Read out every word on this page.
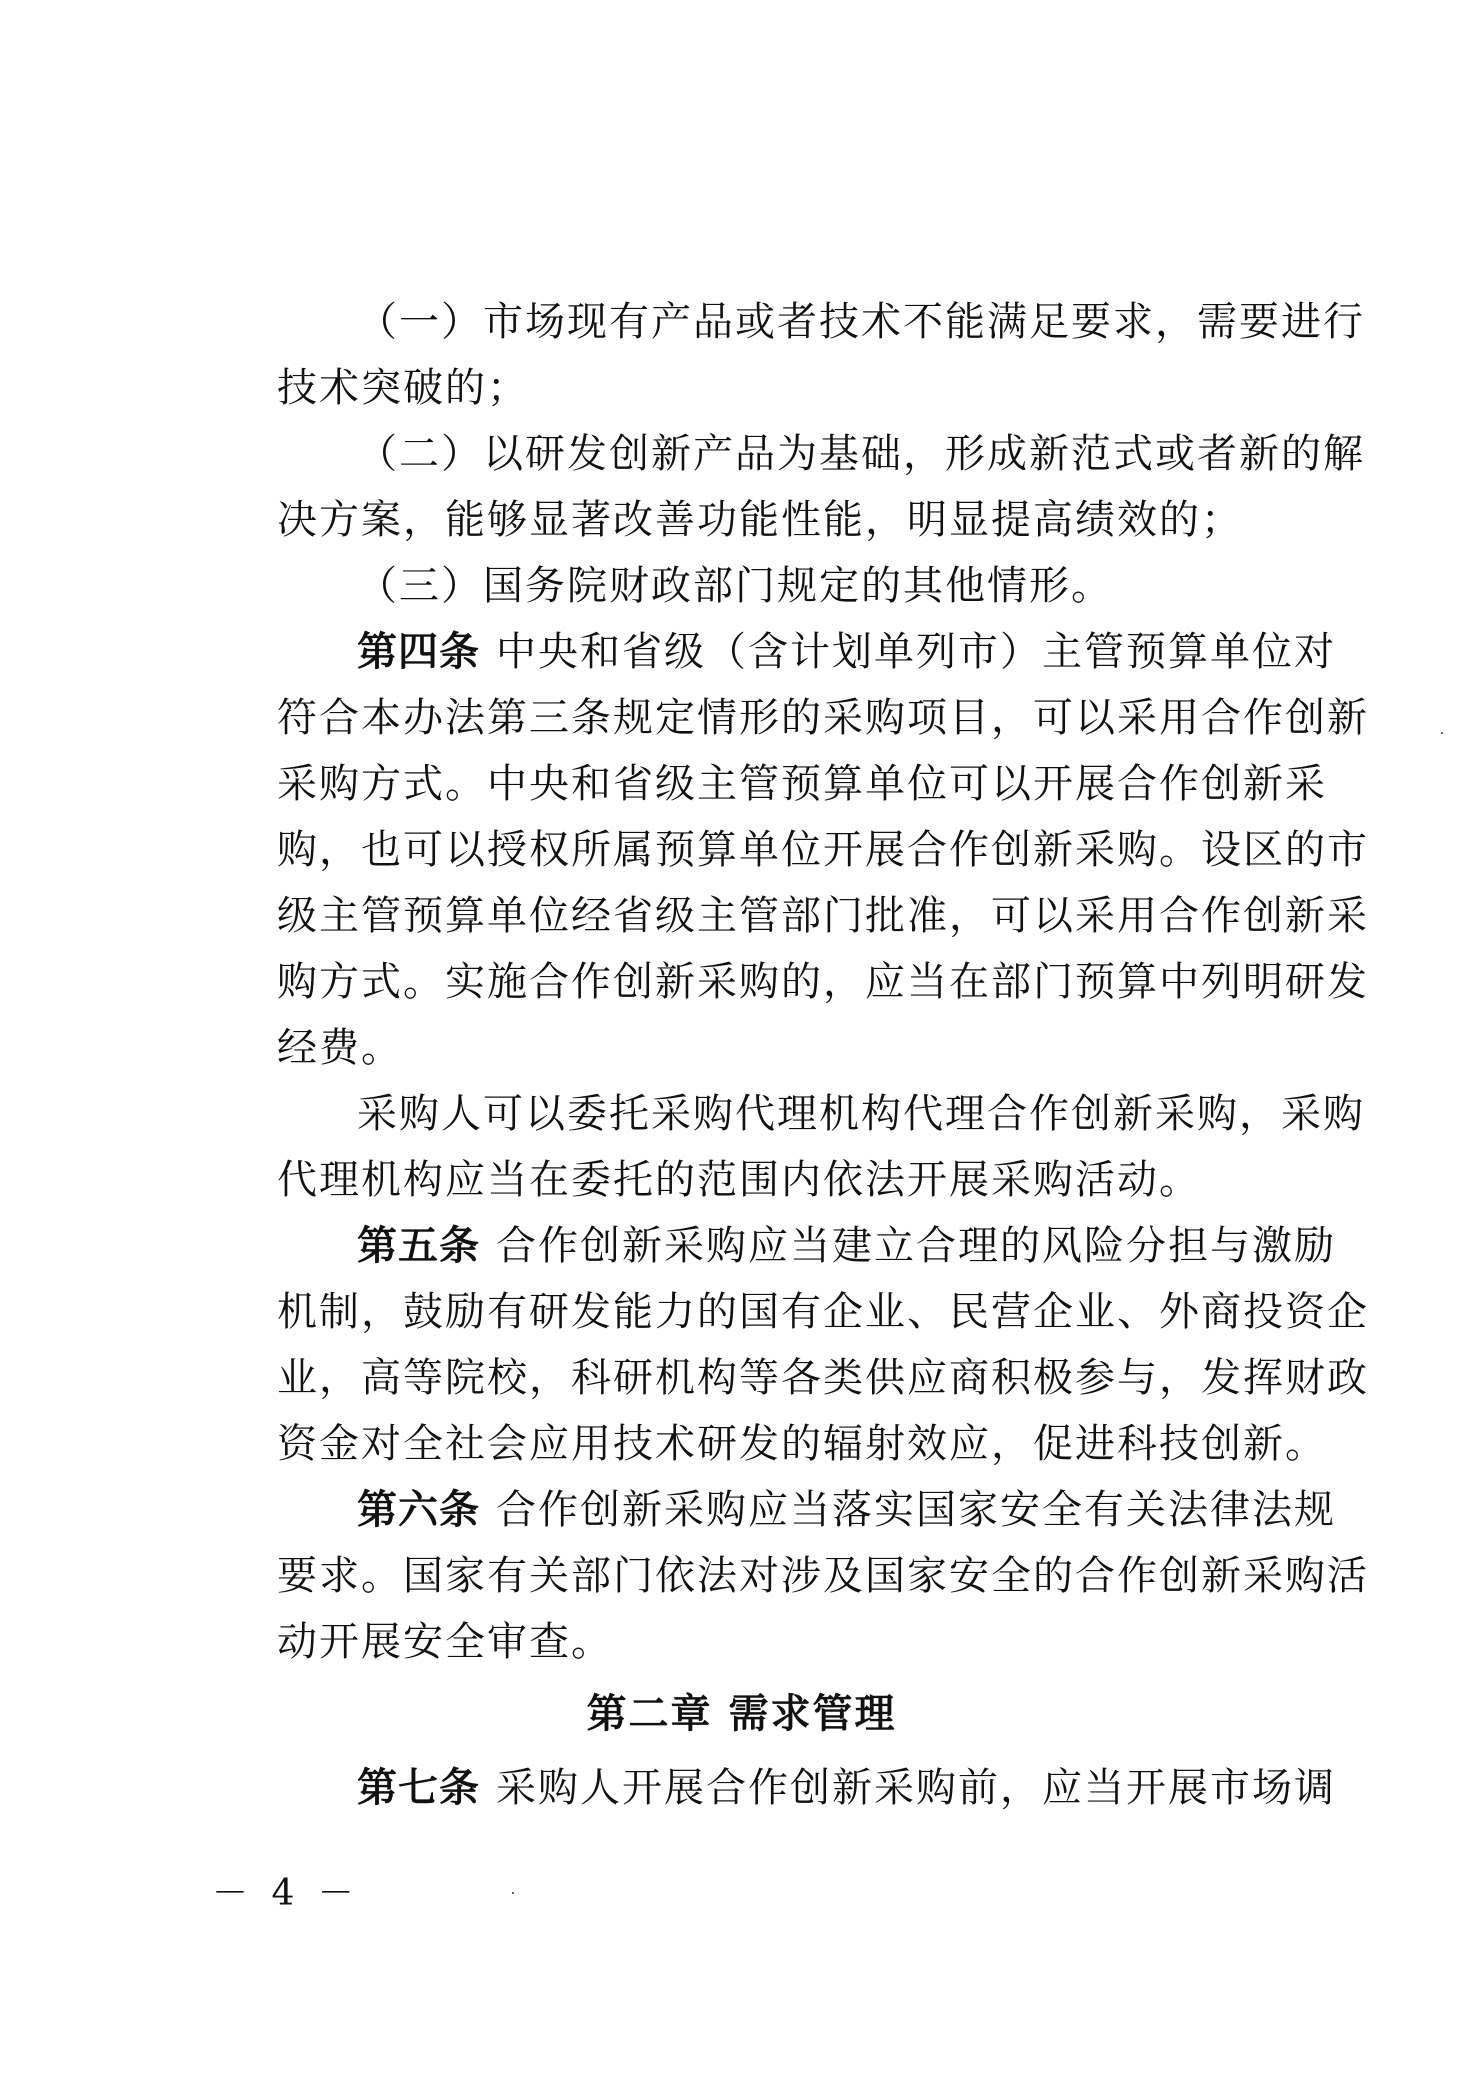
（一）市场现有产品或者技术不能满足要求，需要进行
技术突破的；
（二）以研发创新产品为基础，形成新范式或者新的解
决方案，能够显著改善功能性能，明显提高绩效的；
（三）国务院财政部门规定的其他情形。
第四条 中央和省级（含计划单列市）主管预算单位对
符合本办法第三条规定情形的采购项目，可以采用合作创新
采购方式。中央和省级主管预算单位可以开展合作创新采
购，也可以授权所属预算单位开展合作创新采购。设区的市
级主管预算单位经省级主管部门批准，可以采用合作创新采
购方式。实施合作创新采购的，应当在部门预算中列明研发
经费。
采购人可以委托采购代理机构代理合作创新采购，采购
代理机构应当在委托的范围内依法开展采购活动。
第五条 合作创新采购应当建立合理的风险分担与激励
机制，鼓励有研发能力的国有企业、民营企业、外商投资企
业，高等院校，科研机构等各类供应商积极参与，发挥财政
资金对全社会应用技术研发的辐射效应，促进科技创新。
第六条 合作创新采购应当落实国家安全有关法律法规
要求。国家有关部门依法对涉及国家安全的合作创新采购活
动开展安全审查。
第二章 需求管理
第七条 采购人开展合作创新采购前，应当开展市场调
－ 4 －
